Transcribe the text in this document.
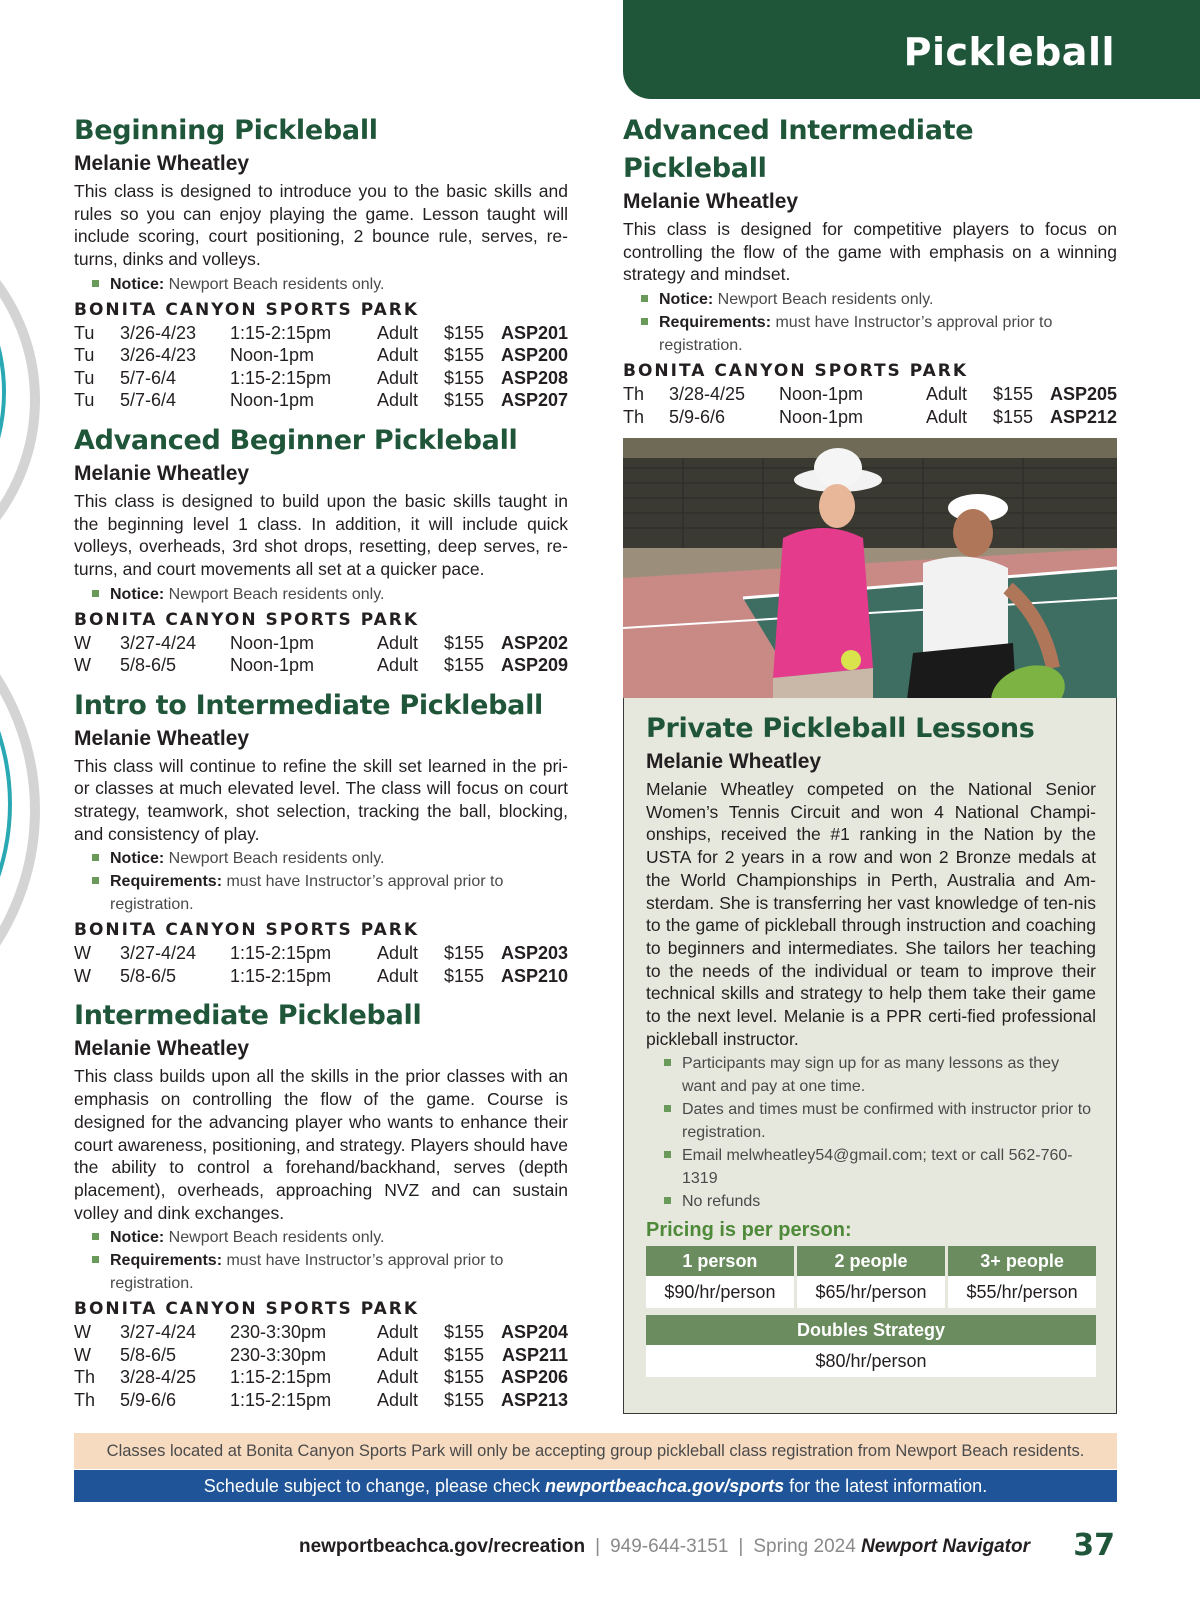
Pickleball
Beginning Pickleball
Melanie Wheatley
This class is designed to introduce you to the basic skills and rules so you can enjoy playing the game. Lesson taught will include scoring, court positioning, 2 bounce rule, serves, re-turns, dinks and volleys.
Notice: Newport Beach residents only.
BONITA CANYON SPORTS PARK
Tu	3/26-4/23	1:15-2:15pm	Adult	$155	ASP201
Tu	3/26-4/23	Noon-1pm	Adult	$155	ASP200
Tu	5/7-6/4	1:15-2:15pm	Adult	$155	ASP208
Tu	5/7-6/4	Noon-1pm	Adult	$155	ASP207
Advanced Beginner Pickleball
Melanie Wheatley
This class is designed to build upon the basic skills taught in the beginning level 1 class. In addition, it will include quick volleys, overheads, 3rd shot drops, resetting, deep serves, re-turns, and court movements all set at a quicker pace.
Notice: Newport Beach residents only.
BONITA CANYON SPORTS PARK
W	3/27-4/24	Noon-1pm	Adult	$155	ASP202
W	5/8-6/5	Noon-1pm	Adult	$155	ASP209
Intro to Intermediate Pickleball
Melanie Wheatley
This class will continue to refine the skill set learned in the pri-or classes at much elevated level. The class will focus on court strategy, teamwork, shot selection, tracking the ball, blocking, and consistency of play.
Notice: Newport Beach residents only.
Requirements: must have Instructor’s approval prior to registration.
BONITA CANYON SPORTS PARK
W	3/27-4/24	1:15-2:15pm	Adult	$155	ASP203
W	5/8-6/5	1:15-2:15pm	Adult	$155	ASP210
Intermediate Pickleball
Melanie Wheatley
This class builds upon all the skills in the prior classes with an emphasis on controlling the flow of the game. Course is designed for the advancing player who wants to enhance their court awareness, positioning, and strategy. Players should have the ability to control a forehand/backhand, serves (depth placement), overheads, approaching NVZ and can sustain volley and dink exchanges.
Notice: Newport Beach residents only.
Requirements: must have Instructor’s approval prior to registration.
BONITA CANYON SPORTS PARK
W	3/27-4/24	230-3:30pm	Adult	$155	ASP204
W	5/8-6/5	230-3:30pm	Adult	$155	ASP211
Th	3/28-4/25	1:15-2:15pm	Adult	$155	ASP206
Th	5/9-6/6	1:15-2:15pm	Adult	$155	ASP213
Advanced Intermediate Pickleball
Melanie Wheatley
This class is designed for competitive players to focus on controlling the flow of the game with emphasis on a winning strategy and mindset.
Notice: Newport Beach residents only.
Requirements: must have Instructor’s approval prior to registration.
BONITA CANYON SPORTS PARK
Th	3/28-4/25	Noon-1pm	Adult	$155	ASP205
Th	5/9-6/6	Noon-1pm	Adult	$155	ASP212
Private Pickleball Lessons
Melanie Wheatley
Melanie Wheatley competed on the National Senior Women’s Tennis Circuit and won 4 National Champi-onships, received the #1 ranking in the Nation by the USTA for 2 years in a row and won 2 Bronze medals at the World Championships in Perth, Australia and Am-sterdam. She is transferring her vast knowledge of ten-nis to the game of pickleball through instruction and coaching to beginners and intermediates. She tailors her teaching to the needs of the individual or team to improve their technical skills and strategy to help them take their game to the next level. Melanie is a PPR certi-fied professional pickleball instructor.
Participants may sign up for as many lessons as they want and pay at one time.
Dates and times must be confirmed with instructor prior to registration.
Email melwheatley54@gmail.com; text or call 562-760-1319
No refunds
Pricing is per person:
1 person	2 people	3+ people
$90/hr/person	$65/hr/person	$55/hr/person
Doubles Strategy
$80/hr/person
Classes located at Bonita Canyon Sports Park will only be accepting group pickleball class registration from Newport Beach residents.
Schedule subject to change, please check newportbeachca.gov/sports for the latest information.
newportbeachca.gov/recreation | 949-644-3151 | Spring 2024 Newport Navigator 37
